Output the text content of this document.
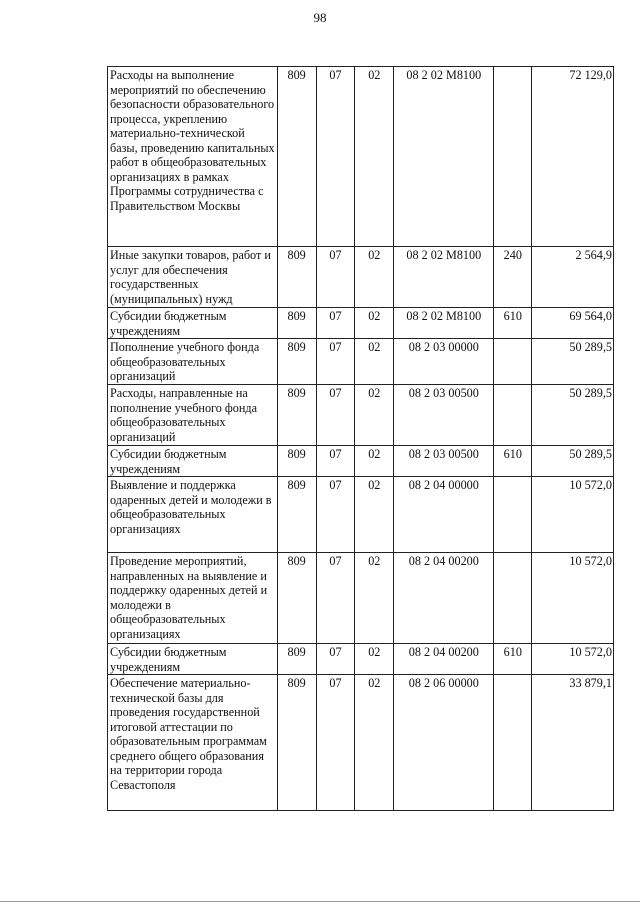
98
Расходы на выполнение мероприятий по обеспечению безопасности образовательного процесса, укреплению материально-технической базы, проведению капитальных работ в общеобразовательных организациях в рамках Программы сотрудничества с Правительством Москвы	809	07	02	08 2 02 M8100		72 129,0
Иные закупки товаров, работ и услуг для обеспечения государственных (муниципальных) нужд	809	07	02	08 2 02 M8100	240	2 564,9
Субсидии бюджетным учреждениям	809	07	02	08 2 02 M8100	610	69 564,0
Пополнение учебного фонда общеобразовательных организаций	809	07	02	08 2 03 00000		50 289,5
Расходы, направленные на пополнение учебного фонда общеобразовательных организаций	809	07	02	08 2 03 00500		50 289,5
Субсидии бюджетным учреждениям	809	07	02	08 2 03 00500	610	50 289,5
Выявление и поддержка одаренных детей и молодежи в общеобразовательных организациях	809	07	02	08 2 04 00000		10 572,0
Проведение мероприятий, направленных на выявление и поддержку одаренных детей и молодежи в общеобразовательных организациях	809	07	02	08 2 04 00200		10 572,0
Субсидии бюджетным учреждениям	809	07	02	08 2 04 00200	610	10 572,0
Обеспечение материально-технической базы для проведения государственной итоговой аттестации по образовательным программам среднего общего образования на территории города Севастополя	809	07	02	08 2 06 00000		33 879,1
